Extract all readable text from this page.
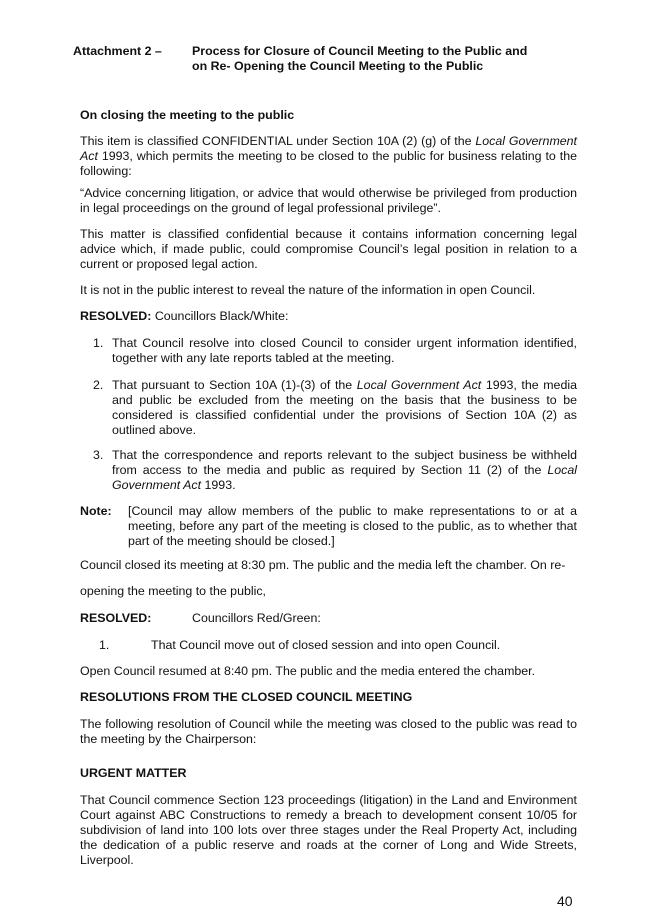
Attachment 2 – Process for Closure of Council Meeting to the Public and
on Re- Opening the Council Meeting to the Public
On closing the meeting to the public
This item is classified CONFIDENTIAL under Section 10A (2) (g) of the Local Government Act 1993, which permits the meeting to be closed to the public for business relating to the following:
“Advice concerning litigation, or advice that would otherwise be privileged from production in legal proceedings on the ground of legal professional privilege”.
This matter is classified confidential because it contains information concerning legal advice which, if made public, could compromise Council’s legal position in relation to a current or proposed legal action.
It is not in the public interest to reveal the nature of the information in open Council.
RESOLVED: Councillors Black/White:
1. That Council resolve into closed Council to consider urgent information identified, together with any late reports tabled at the meeting.
2. That pursuant to Section 10A (1)-(3) of the Local Government Act 1993, the media and public be excluded from the meeting on the basis that the business to be considered is classified confidential under the provisions of Section 10A (2) as outlined above.
3. That the correspondence and reports relevant to the subject business be withheld from access to the media and public as required by Section 11 (2) of the Local Government Act 1993.
Note: [Council may allow members of the public to make representations to or at a meeting, before any part of the meeting is closed to the public, as to whether that part of the meeting should be closed.]
Council closed its meeting at 8:30 pm. The public and the media left the chamber. On re-
opening the meeting to the public,
RESOLVED:	Councillors Red/Green:
1.	That Council move out of closed session and into open Council.
Open Council resumed at 8:40 pm. The public and the media entered the chamber.
RESOLUTIONS FROM THE CLOSED COUNCIL MEETING
The following resolution of Council while the meeting was closed to the public was read to the meeting by the Chairperson:
URGENT MATTER
That Council commence Section 123 proceedings (litigation) in the Land and Environment Court against ABC Constructions to remedy a breach to development consent 10/05 for subdivision of land into 100 lots over three stages under the Real Property Act, including the dedication of a public reserve and roads at the corner of Long and Wide Streets, Liverpool.
40
